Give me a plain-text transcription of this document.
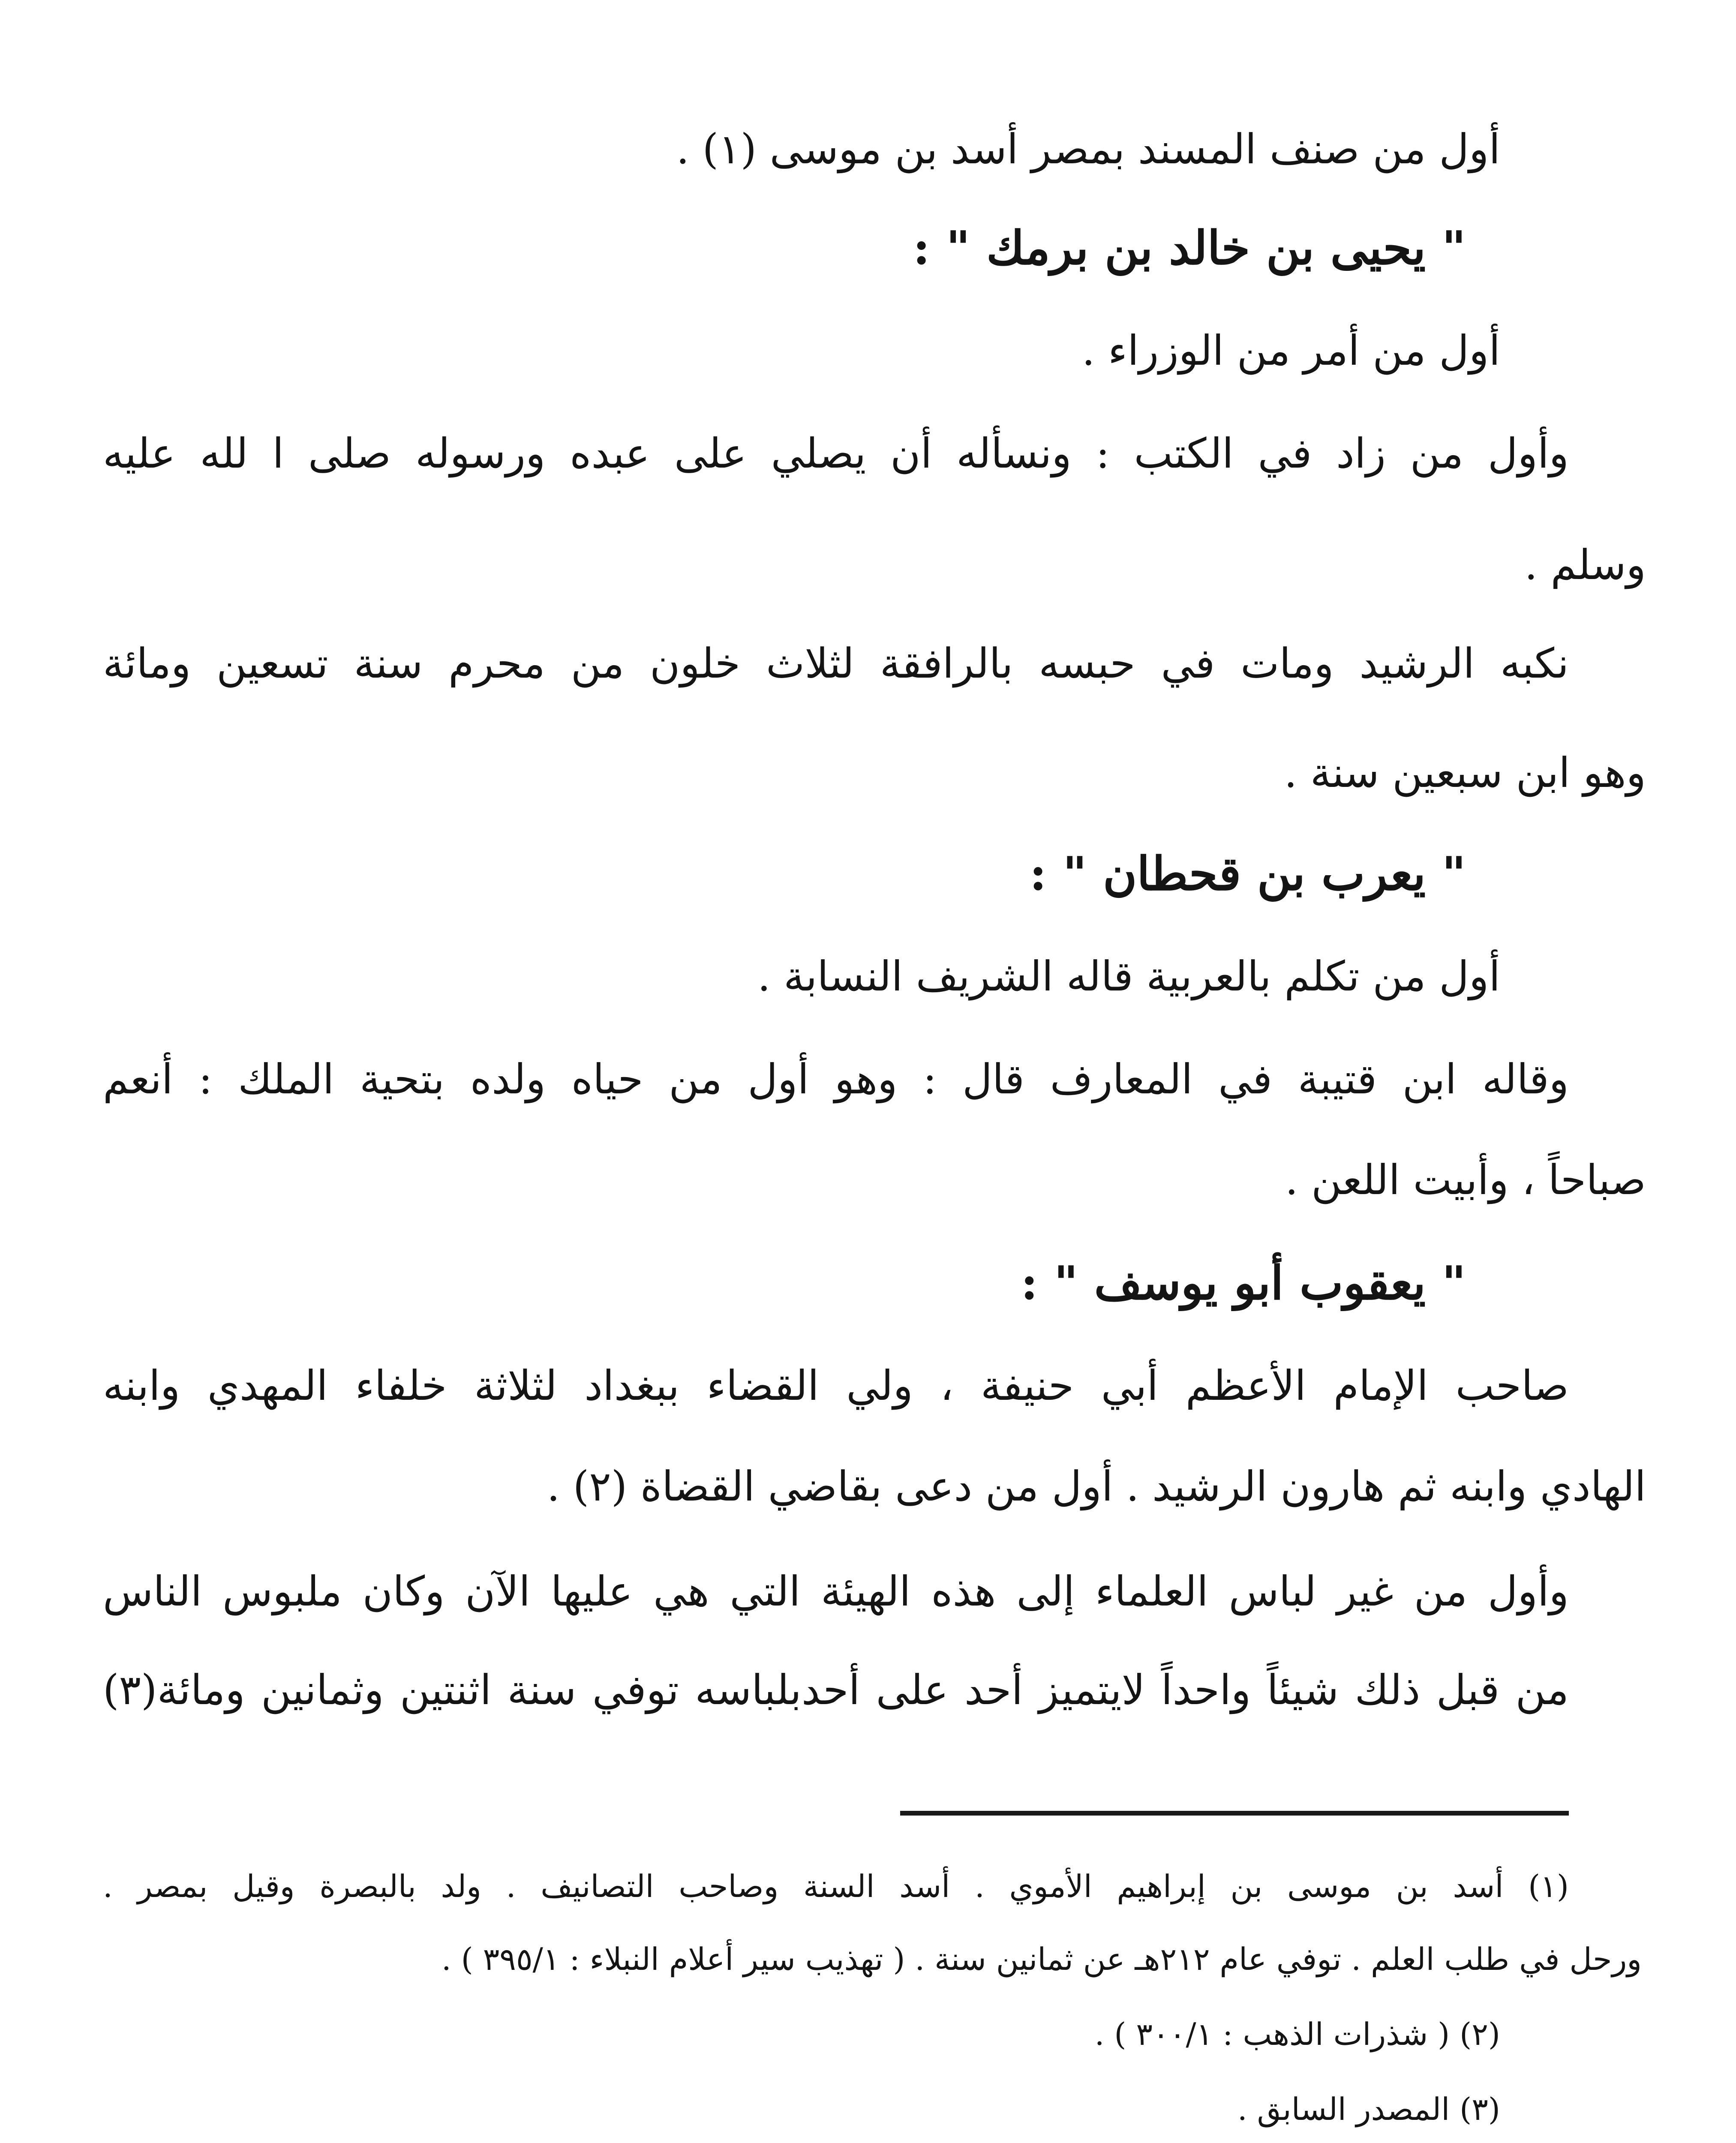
أول من صنف المسند بمصر أسد بن موسى (١) .
" يحيى بن خالد بن برمك " :
أول من أمر من الوزراء .
وأول من زاد في الكتب : ونسأله أن يصلي على عبده ورسوله صلى ا لله عليه
وسلم .
نكبه الرشيد ومات في حبسه بالرافقة لثلاث خلون من محرم سنة تسعين ومائة
وهو ابن سبعين سنة .
" يعرب بن قحطان " :
أول من تكلم بالعربية قاله الشريف النسابة .
وقاله ابن قتيبة في المعارف قال : وهو أول من حياه ولده بتحية الملك : أنعم
صباحاً ، وأبيت اللعن .
" يعقوب أبو يوسف " :
صاحب الإمام الأعظم أبي حنيفة ، ولي القضاء ببغداد لثلاثة خلفاء المهدي وابنه
الهادي وابنه ثم هارون الرشيد . أول من دعى بقاضي القضاة (٢) .
وأول من غير لباس العلماء إلى هذه الهيئة التي هي عليها الآن وكان ملبوس الناس
من قبل ذلك شيئاً واحداً لايتميز أحد على أحدبلباسه توفي سنة اثنتين وثمانين ومائة(٣)
(١) أسد بن موسى بن إبراهيم الأموي . أسد السنة وصاحب التصانيف . ولد بالبصرة وقيل بمصر .
ورحل في طلب العلم . توفي عام ٢١٢هـ عن ثمانين سنة . ( تهذيب سير أعلام النبلاء : ٣٩٥/١ ) .
(٢) ( شذرات الذهب : ٣٠٠/١ ) .
(٣) المصدر السابق .
